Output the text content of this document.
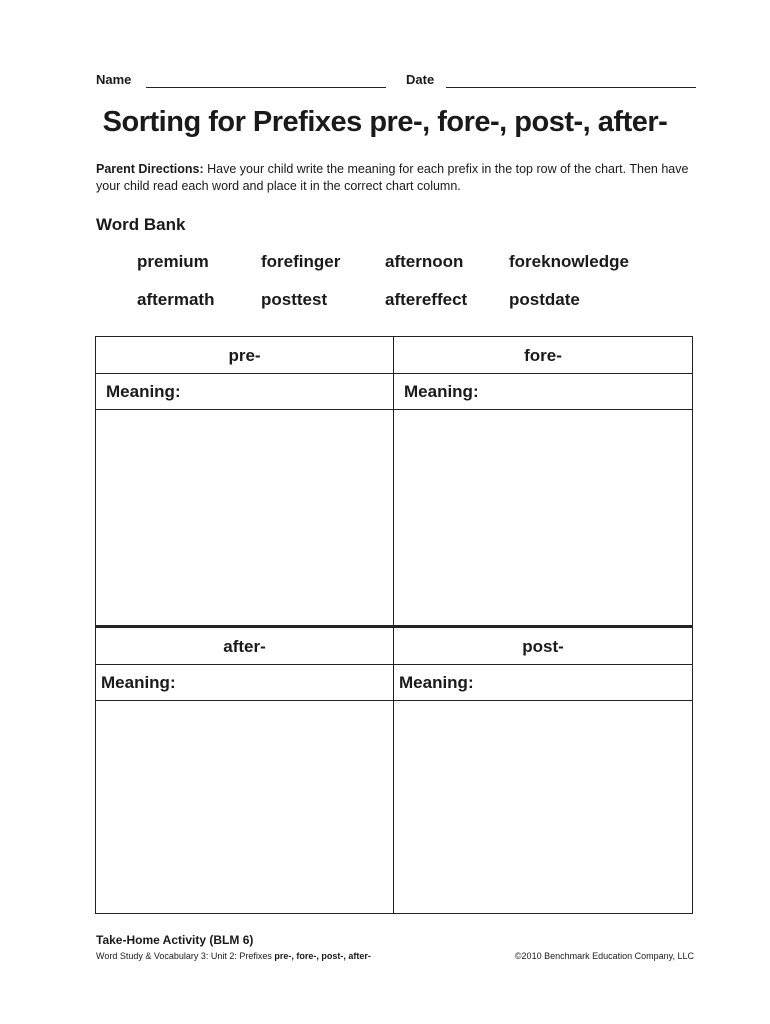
Name	Date
Sorting for Prefixes pre-, fore-, post-, after-
Parent Directions: Have your child write the meaning for each prefix in the top row of the chart. Then have your child read each word and place it in the correct chart column.
Word Bank
premium	forefinger	afternoon	foreknowledge
aftermath	posttest	aftereffect	postdate
pre-
Meaning:
fore-
Meaning:
after-
Meaning:
post-
Meaning:
Take-Home Activity (BLM 6)
Word Study & Vocabulary 3: Unit 2: Prefixes pre-, fore-, post-, after-	©2010 Benchmark Education Company, LLC
